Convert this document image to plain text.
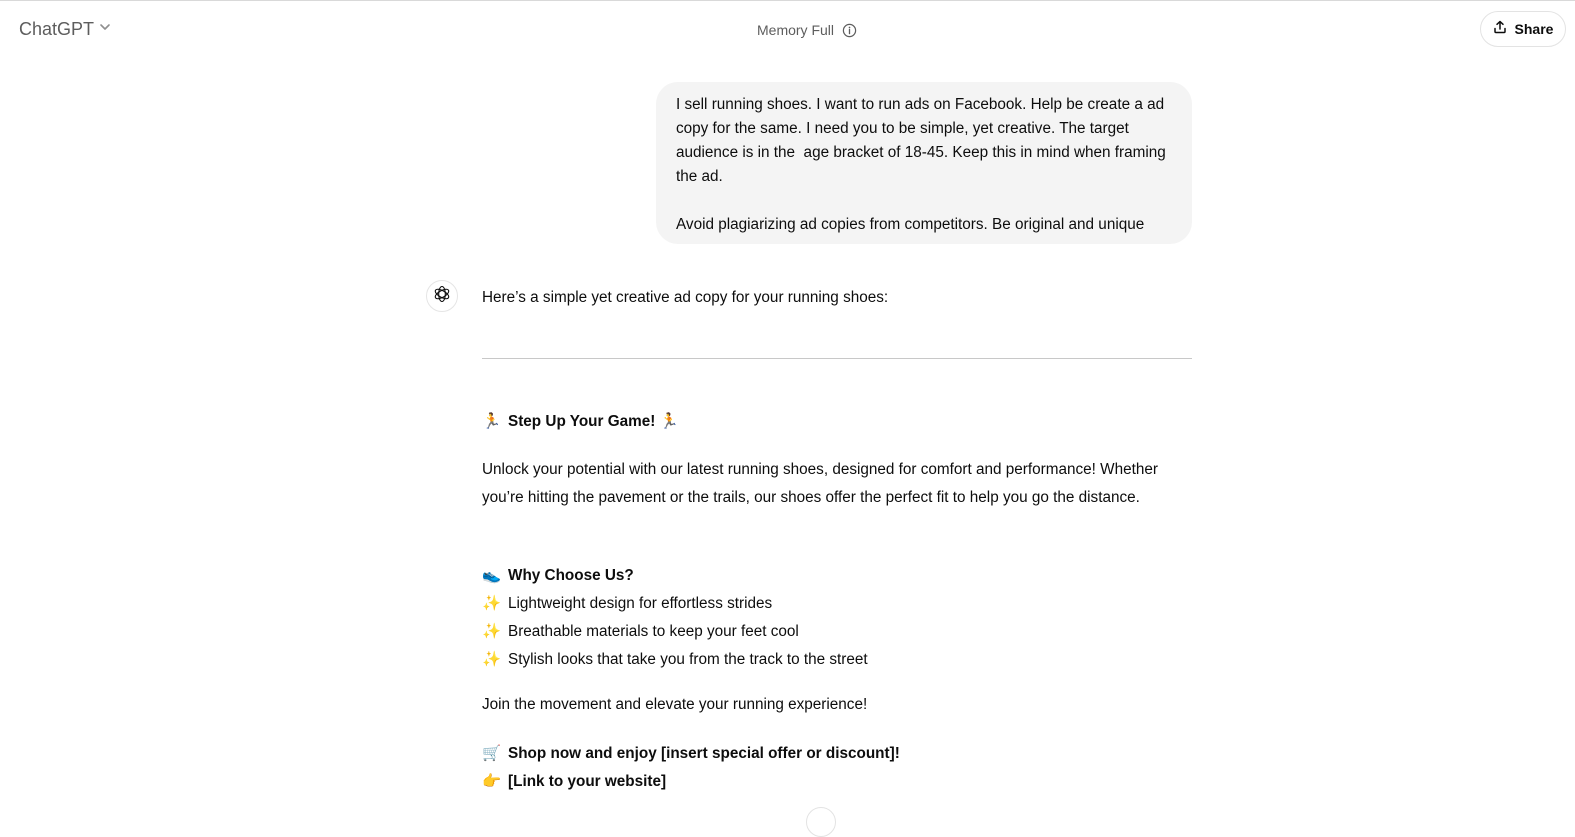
ChatGPT	Memory Full	Share

I sell running shoes. I want to run ads on Facebook. Help be create a ad copy for the same. I need you to be simple, yet creative. The target audience is in the  age bracket of 18-45. Keep this in mind when framing the ad.

Avoid plagiarizing ad copies from competitors. Be original and unique

Here’s a simple yet creative ad copy for your running shoes:

🏃 Step Up Your Game! 🏃

Unlock your potential with our latest running shoes, designed for comfort and performance! Whether you’re hitting the pavement or the trails, our shoes offer the perfect fit to help you go the distance.

👟 Why Choose Us?

✨ Lightweight design for effortless strides

✨ Breathable materials to keep your feet cool

✨ Stylish looks that take you from the track to the street

Join the movement and elevate your running experience!

🛒 Shop now and enjoy [insert special offer or discount]!

👉 [Link to your website]
